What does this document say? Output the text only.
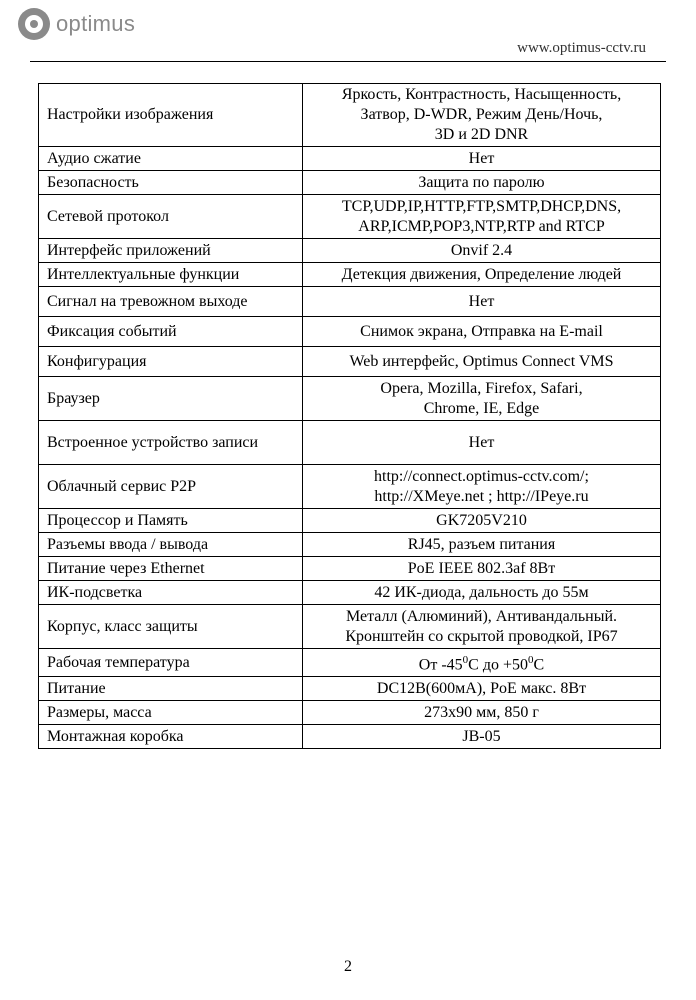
optimus
www.optimus-cctv.ru
Настройки изображения	Яркость, Контрастность, Насыщенность,
Затвор, D-WDR, Режим День/Ночь,
3D и 2D DNR
Аудио сжатие	Нет
Безопасность	Защита по паролю
Сетевой протокол	TCP,UDP,IP,HTTP,FTP,SMTP,DHCP,DNS,
ARP,ICMP,POP3,NTP,RTP and RTCP
Интерфейс приложений	Onvif 2.4
Интеллектуальные функции	Детекция движения, Определение людей
Сигнал на тревожном выходе	Нет
Фиксация событий	Снимок экрана, Отправка на E-mail
Конфигурация	Web интерфейс, Optimus Connect VMS
Браузер	Opera, Mozilla, Firefox, Safari,
Chrome, IE, Edge
Встроенное устройство записи	Нет
Облачный сервис P2P	http://connect.optimus-cctv.com/;
http://XMeye.net ; http://IPeye.ru
Процессор и Память	GK7205V210
Разъемы ввода / вывода	RJ45, разъем питания
Питание через Ethernet	PoE IEEE 802.3af 8Вт
ИК-подсветка	42 ИК-диода, дальность до 55м
Корпус, класс защиты	Металл (Алюминий), Антивандальный.
Кронштейн со скрытой проводкой, IP67
Рабочая температура	От $-45^0С$ до $+50^0С$
Питание	DC12В(600мА), PoE макс. 8Вт
Размеры, масса	273x90 мм, 850 г
Монтажная коробка	JB-05
2
